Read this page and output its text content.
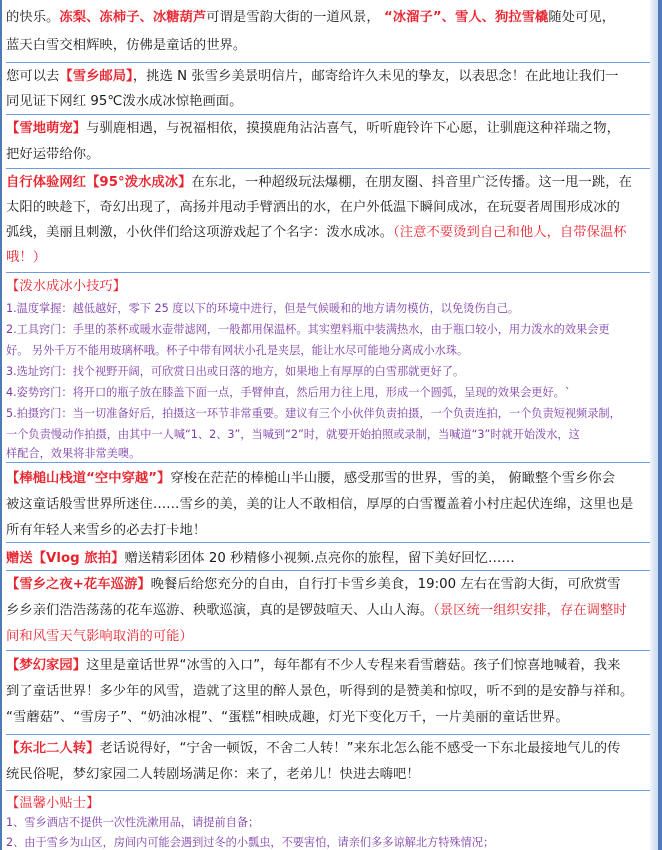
的快乐。冻梨、冻柿子、冰糖葫芦可谓是雪韵大街的一道风景， “冰溜子”、雪人、狗拉雪橇随处可见，
蓝天白雪交相辉映，仿佛是童话的世界。
您可以去【雪乡邮局】，挑选 N 张雪乡美景明信片，邮寄给许久未见的挚友，以表思念！在此地让我们一
同见证下网红 95℃泼水成冰惊艳画面。
【雪地萌宠】与驯鹿相遇，与祝福相依，摸摸鹿角沾沾喜气，听听鹿铃许下心愿，让驯鹿这种祥瑞之物，
把好运带给你。
自行体验网红【95°泼水成冰】在东北，一种超级玩法爆棚，在朋友圈、抖音里广泛传播。这一甩一跳，在
太阳的映趁下，奇幻出现了，高扬并甩动手臂洒出的水，在户外低温下瞬间成冰，在玩耍者周围形成冰的
弧线，美丽且刺激，小伙伴们给这项游戏起了个名字：泼水成冰。（注意不要烫到自己和他人，自带保温杯
哦！）
【泼水成冰小技巧】
1.温度掌握：越低越好，零下 25 度以下的环境中进行，但是气候暖和的地方请勿模仿，以免烫伤自己。
2.工具窍门：手里的茶杯或暖水壶带滤网，一般都用保温杯。其实塑料瓶中装满热水，由于瓶口较小，用力泼水的效果会更
好。 另外千万不能用玻璃杯哦。杯子中带有网状小孔是夹层，能让水尽可能地分离成小水珠。
3.选址窍门：找个视野开阔，可欣赏日出或日落的地方，如果地上有厚厚的白雪那就更好了。
4.姿势窍门：将开口的瓶子放在膝盖下面一点，手臂伸直，然后用力往上甩，形成一个圆弧，呈现的效果会更好。`
5.拍摄窍门：当一切准备好后，拍摄这一环节非常重要。建议有三个小伙伴负责拍摄，一个负责连拍，一个负责短视频录制，
一个负责慢动作拍摄，由其中一人喊“1、2、3”，当喊到“2”时，就要开始拍照或录制，当喊道“3”时就开始泼水，这
样配合，效果将非常美噢。
【棒槌山栈道“空中穿越”】穿梭在茫茫的棒槌山半山腰，感受那雪的世界，雪的美， 俯瞰整个雪乡你会
被这童话般雪世界所迷住……雪乡的美，美的让人不敢相信，厚厚的白雪覆盖着小村庄起伏连绵，这里也是
所有年轻人来雪乡的必去打卡地！
赠送【Vlog 旅拍】赠送精彩团体 20 秒精修小视频.点亮你的旅程，留下美好回忆……
【雪乡之夜+花车巡游】晚餐后给您充分的自由，自行打卡雪乡美食，19:00 左右在雪韵大街，可欣赏雪
乡乡亲们浩浩荡荡的花车巡游、秧歌巡演，真的是锣鼓喧天、人山人海。（景区统一组织安排，存在调整时
间和风雪天气影响取消的可能）
【梦幻家园】这里是童话世界“冰雪的入口”，每年都有不少人专程来看雪蘑菇。孩子们惊喜地喊着，我来
到了童话世界！多少年的风雪，造就了这里的醉人景色，听得到的是赞美和惊叹，听不到的是安静与祥和。
“雪蘑菇”、“雪房子”、“奶油冰棍”、“蛋糕”相映成趣，灯光下变化万千，一片美丽的童话世界。
【东北二人转】老话说得好，“宁舍一顿饭，不舍二人转！”来东北怎么能不感受一下东北最接地气儿的传
统民俗呢，梦幻家园二人转剧场满足你：来了，老弟儿！快进去嗨吧！
【温馨小贴士】
1、雪乡酒店不提供一次性洗漱用品，请提前自备；
2、由于雪乡为山区，房间内可能会遇到过冬的小瓢虫，不要害怕，请亲们多多谅解北方特殊情况；
